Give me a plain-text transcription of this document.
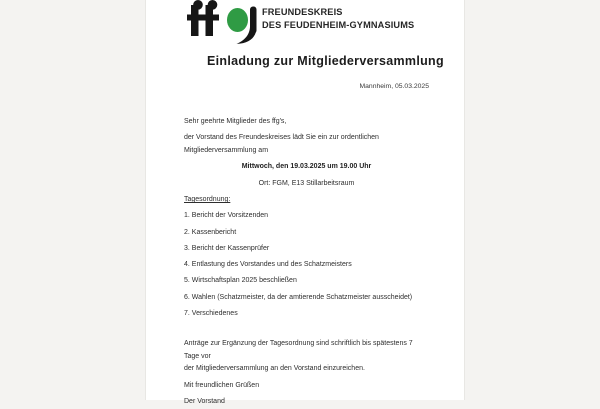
FREUNDESKREIS
DES FEUDENHEIM-GYMNASIUMS
Einladung zur Mitgliederversammlung
Mannheim, 05.03.2025

Sehr geehrte Mitglieder des ffg's,

der Vorstand des Freundeskreises lädt Sie ein zur ordentlichen
Mitgliederversammlung am

Mittwoch, den 19.03.2025 um 19.00 Uhr

Ort: FGM, E13 Stillarbeitsraum

Tagesordnung:

1. Bericht der Vorsitzenden

2. Kassenbericht

3. Bericht der Kassenprüfer

4. Entlastung des Vorstandes und des Schatzmeisters

5. Wirtschaftsplan 2025 beschließen

6. Wahlen (Schatzmeister, da der amtierende Schatzmeister ausscheidet)

7. Verschiedenes

Anträge zur Ergänzung der Tagesordnung sind schriftlich bis spätestens 7 Tage vor
der Mitgliederversammlung an den Vorstand einzureichen.

Mit freundlichen Grüßen

Der Vorstand
